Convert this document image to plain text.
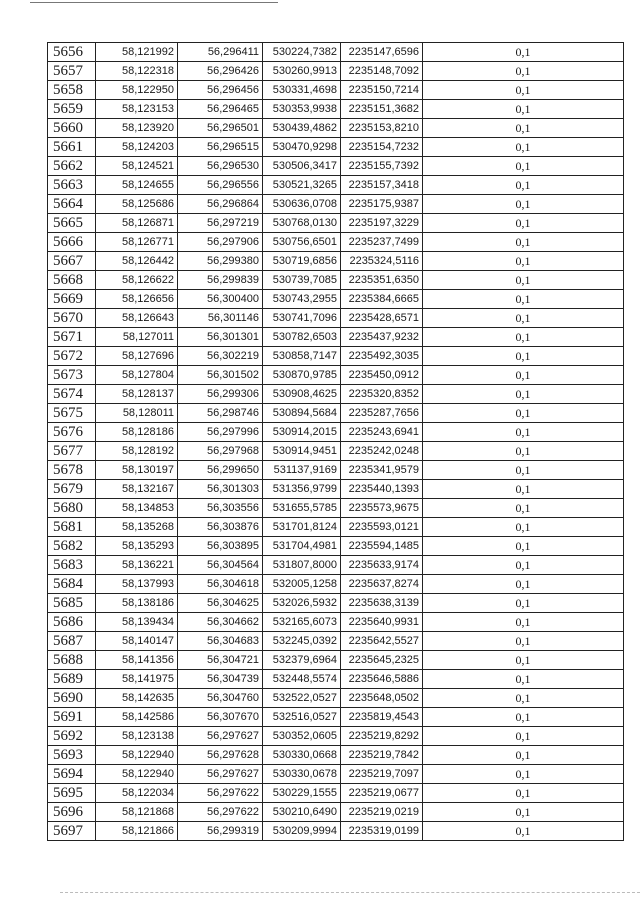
5656	58,121992	56,296411	530224,7382	2235147,6596	0,1
5657	58,122318	56,296426	530260,9913	2235148,7092	0,1
5658	58,122950	56,296456	530331,4698	2235150,7214	0,1
5659	58,123153	56,296465	530353,9938	2235151,3682	0,1
5660	58,123920	56,296501	530439,4862	2235153,8210	0,1
5661	58,124203	56,296515	530470,9298	2235154,7232	0,1
5662	58,124521	56,296530	530506,3417	2235155,7392	0,1
5663	58,124655	56,296556	530521,3265	2235157,3418	0,1
5664	58,125686	56,296864	530636,0708	2235175,9387	0,1
5665	58,126871	56,297219	530768,0130	2235197,3229	0,1
5666	58,126771	56,297906	530756,6501	2235237,7499	0,1
5667	58,126442	56,299380	530719,6856	2235324,5116	0,1
5668	58,126622	56,299839	530739,7085	2235351,6350	0,1
5669	58,126656	56,300400	530743,2955	2235384,6665	0,1
5670	58,126643	56,301146	530741,7096	2235428,6571	0,1
5671	58,127011	56,301301	530782,6503	2235437,9232	0,1
5672	58,127696	56,302219	530858,7147	2235492,3035	0,1
5673	58,127804	56,301502	530870,9785	2235450,0912	0,1
5674	58,128137	56,299306	530908,4625	2235320,8352	0,1
5675	58,128011	56,298746	530894,5684	2235287,7656	0,1
5676	58,128186	56,297996	530914,2015	2235243,6941	0,1
5677	58,128192	56,297968	530914,9451	2235242,0248	0,1
5678	58,130197	56,299650	531137,9169	2235341,9579	0,1
5679	58,132167	56,301303	531356,9799	2235440,1393	0,1
5680	58,134853	56,303556	531655,5785	2235573,9675	0,1
5681	58,135268	56,303876	531701,8124	2235593,0121	0,1
5682	58,135293	56,303895	531704,4981	2235594,1485	0,1
5683	58,136221	56,304564	531807,8000	2235633,9174	0,1
5684	58,137993	56,304618	532005,1258	2235637,8274	0,1
5685	58,138186	56,304625	532026,5932	2235638,3139	0,1
5686	58,139434	56,304662	532165,6073	2235640,9931	0,1
5687	58,140147	56,304683	532245,0392	2235642,5527	0,1
5688	58,141356	56,304721	532379,6964	2235645,2325	0,1
5689	58,141975	56,304739	532448,5574	2235646,5886	0,1
5690	58,142635	56,304760	532522,0527	2235648,0502	0,1
5691	58,142586	56,307670	532516,0527	2235819,4543	0,1
5692	58,123138	56,297627	530352,0605	2235219,8292	0,1
5693	58,122940	56,297628	530330,0668	2235219,7842	0,1
5694	58,122940	56,297627	530330,0678	2235219,7097	0,1
5695	58,122034	56,297622	530229,1555	2235219,0677	0,1
5696	58,121868	56,297622	530210,6490	2235219,0219	0,1
5697	58,121866	56,299319	530209,9994	2235319,0199	0,1
